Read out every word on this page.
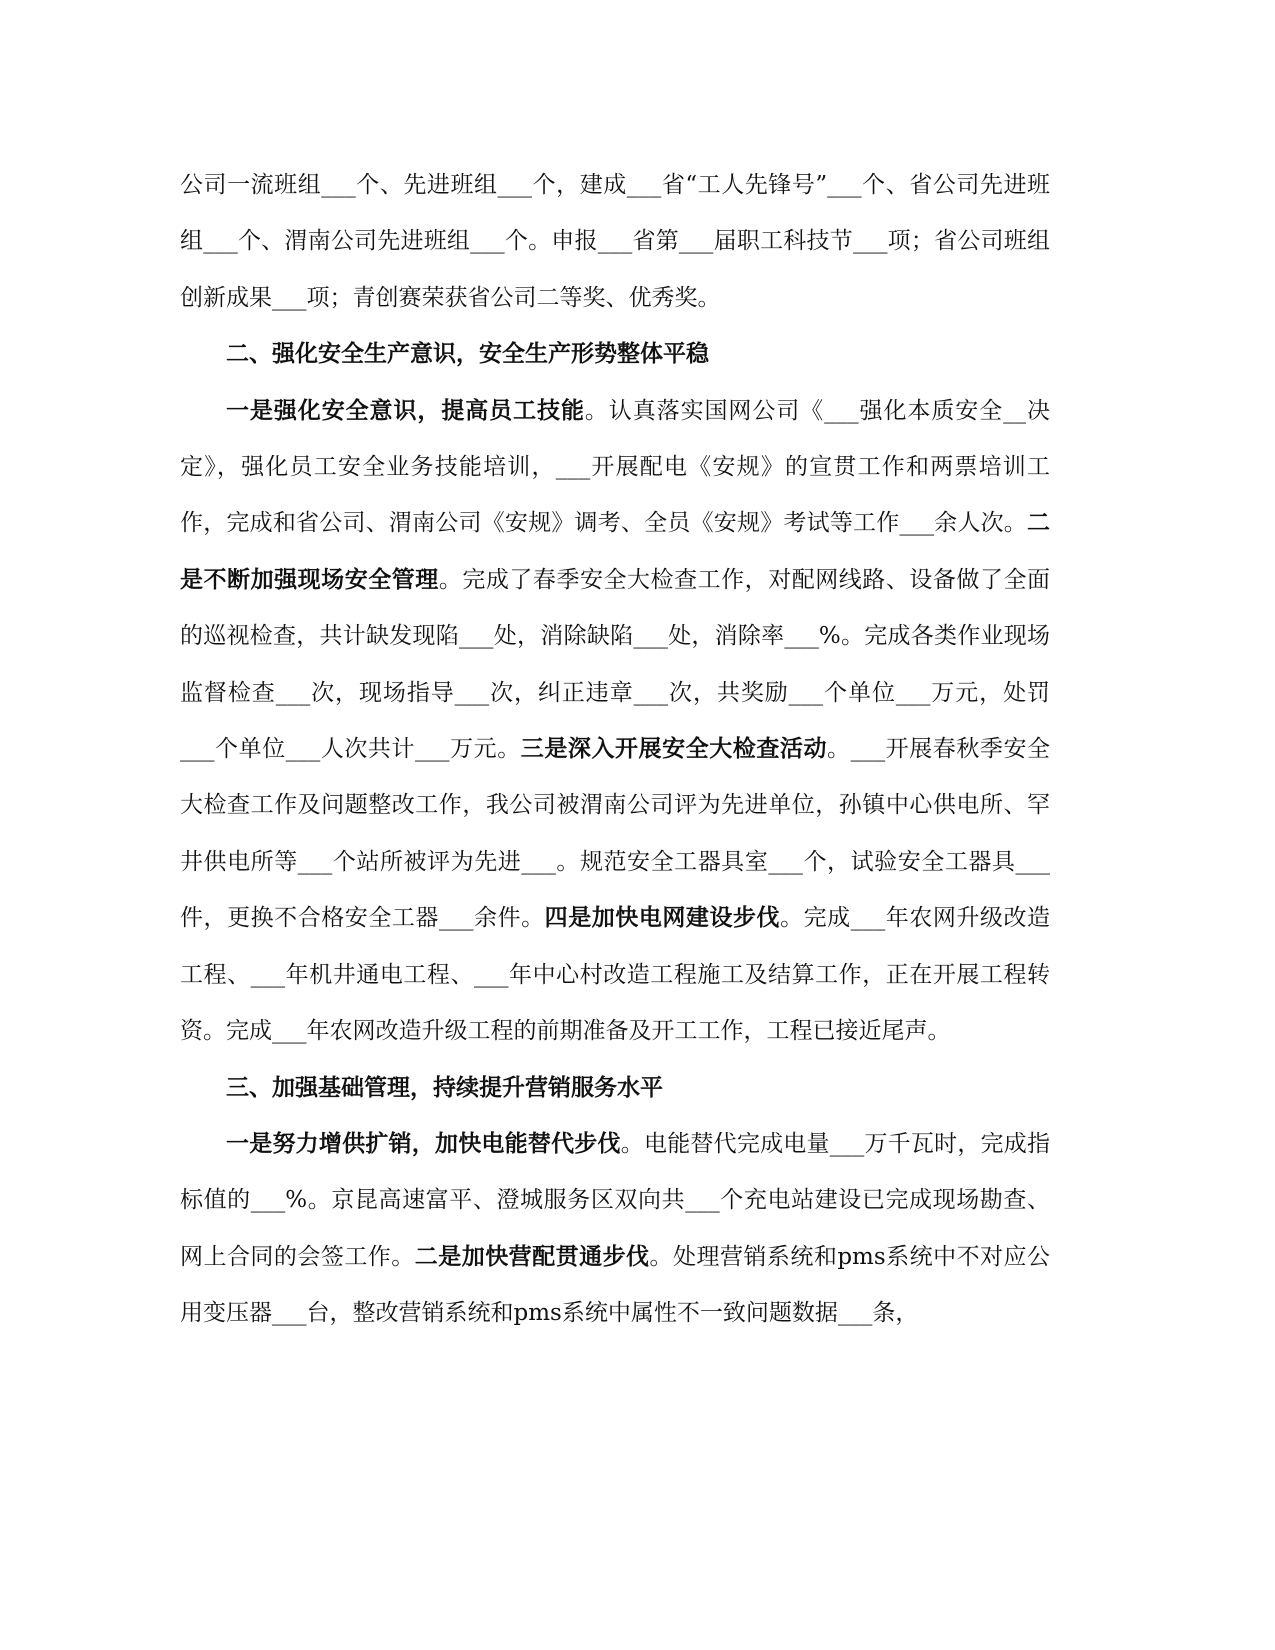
公司一流班组___个、先进班组___个，建成___省“工人先锋号”___个、省公司先进班组___个、渭南公司先进班组___个。申报___省第___届职工科技节___项；省公司班组创新成果___项；青创赛荣获省公司二等奖、优秀奖。

二、强化安全生产意识，安全生产形势整体平稳

一是强化安全意识，提高员工技能。认真落实国网公司《___强化本质安全__决定》，强化员工安全业务技能培训，___开展配电《安规》的宣贯工作和两票培训工作，完成和省公司、渭南公司《安规》调考、全员《安规》考试等工作___余人次。二是不断加强现场安全管理。完成了春季安全大检查工作，对配网线路、设备做了全面的巡视检查，共计缺发现陷___处，消除缺陷___处，消除率___%。完成各类作业现场监督检查___次，现场指导___次，纠正违章___次，共奖励___个单位___万元，处罚___个单位___人次共计___万元。三是深入开展安全大检查活动。___开展春秋季安全大检查工作及问题整改工作，我公司被渭南公司评为先进单位，孙镇中心供电所、罕井供电所等___个站所被评为先进___。规范安全工器具室___个，试验安全工器具___件，更换不合格安全工器___余件。四是加快电网建设步伐。完成___年农网升级改造工程、___年机井通电工程、___年中心村改造工程施工及结算工作，正在开展工程转资。完成___年农网改造升级工程的前期准备及开工工作，工程已接近尾声。

三、加强基础管理，持续提升营销服务水平

一是努力增供扩销，加快电能替代步伐。电能替代完成电量___万千瓦时，完成指标值的___%。京昆高速富平、澄城服务区双向共___个充电站建设已完成现场勘查、网上合同的会签工作。二是加快营配贯通步伐。处理营销系统和pms系统中不对应公用变压器___台，整改营销系统和pms系统中属性不一致问题数据___条，
